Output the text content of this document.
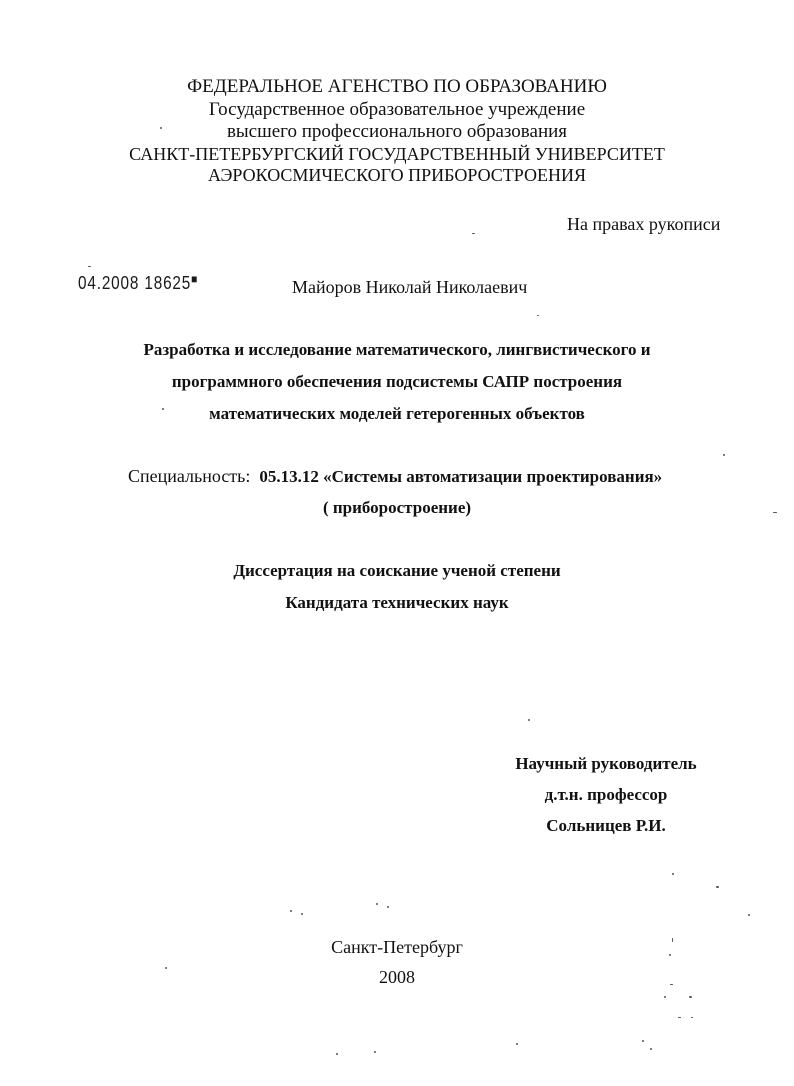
ФЕДЕРАЛЬНОЕ АГЕНСТВО ПО ОБРАЗОВАНИЮ
Государственное образовательное учреждение
высшего профессионального образования
САНКТ-ПЕТЕРБУРГСКИЙ ГОСУДАРСТВЕННЫЙ УНИВЕРСИТЕТ
АЭРОКОСМИЧЕСКОГО ПРИБОРОСТРОЕНИЯ
На правах рукописи
04.2008 18625■	Майоров Николай Николаевич
Разработка и исследование математического, лингвистического и
программного обеспечения подсистемы САПР построения
математических моделей гетерогенных объектов
Специальность: 05.13.12 «Системы автоматизации проектирования»
( приборостроение)
Диссертация на соискание ученой степени
Кандидата технических наук
Научный руководитель
д.т.н. профессор
Сольницев Р.И.
Санкт-Петербург
2008
